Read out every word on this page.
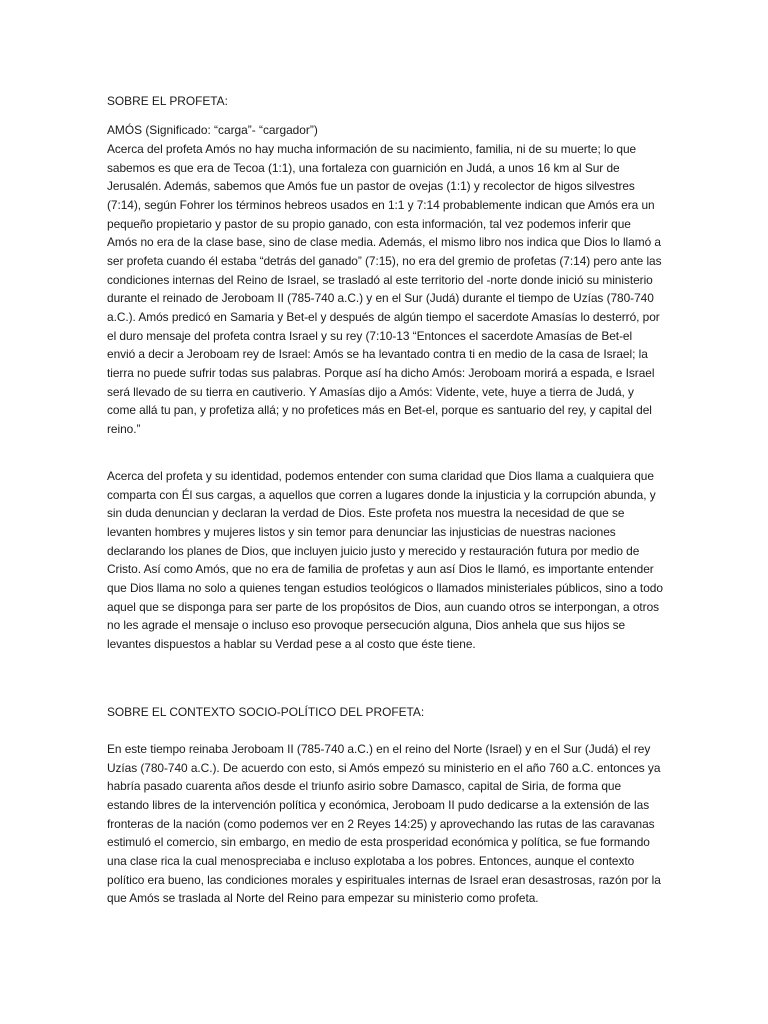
SOBRE EL PROFETA:
AMÓS (Significado: “carga”- “cargador”)

Acerca del profeta Amós no hay mucha información de su nacimiento, familia, ni de su muerte; lo que sabemos es que era de Tecoa (1:1), una fortaleza con guarnición en Judá, a unos 16 km al Sur de Jerusalén. Además, sabemos que Amós fue un pastor de ovejas (1:1) y recolector de higos silvestres (7:14), según Fohrer los términos hebreos usados en 1:1 y 7:14 probablemente indican que Amós era un pequeño propietario y pastor de su propio ganado, con esta información, tal vez podemos inferir que Amós no era de la clase base, sino de clase media. Además, el mismo libro nos indica que Dios lo llamó a ser profeta cuando él estaba “detrás del ganado” (7:15), no era del gremio de profetas (7:14) pero ante las condiciones internas del Reino de Israel, se trasladó al este territorio del -norte donde inició su ministerio durante el reinado de Jeroboam II (785-740 a.C.) y en el Sur (Judá) durante el tiempo de Uzías (780-740 a.C.). Amós predicó en Samaria y Bet-el y después de algún tiempo el sacerdote Amasías lo desterró, por el duro mensaje del profeta contra Israel y su rey (7:10-13 “Entonces el sacerdote Amasías de Bet-el envió a decir a Jeroboam rey de Israel: Amós se ha levantado contra ti en medio de la casa de Israel; la tierra no puede sufrir todas sus palabras. Porque así ha dicho Amós: Jeroboam morirá a espada, e Israel será llevado de su tierra en cautiverio. Y Amasías dijo a Amós: Vidente, vete, huye a tierra de Judá, y come allá tu pan, y profetiza allá; y no profetices más en Bet-el, porque es santuario del rey, y capital del reino.”

Acerca del profeta y su identidad, podemos entender con suma claridad que Dios llama a cualquiera que comparta con Él sus cargas, a aquellos que corren a lugares donde la injusticia y la corrupción abunda, y sin duda denuncian y declaran la verdad de Dios. Este profeta nos muestra la necesidad de que se levanten hombres y mujeres listos y sin temor para denunciar las injusticias de nuestras naciones declarando los planes de Dios, que incluyen juicio justo y merecido y restauración futura por medio de Cristo. Así como Amós, que no era de familia de profetas y aun así Dios le llamó, es importante entender que Dios llama no solo a quienes tengan estudios teológicos o llamados ministeriales públicos, sino a todo aquel que se disponga para ser parte de los propósitos de Dios, aun cuando otros se interpongan, a otros no les agrade el mensaje o incluso eso provoque persecución alguna, Dios anhela que sus hijos se levantes dispuestos a hablar su Verdad pese a al costo que éste tiene.

SOBRE EL CONTEXTO SOCIO-POLÍTICO DEL PROFETA:

En este tiempo reinaba Jeroboam II (785-740 a.C.) en el reino del Norte (Israel) y en el Sur (Judá) el rey Uzías (780-740 a.C.). De acuerdo con esto, si Amós empezó su ministerio en el año 760 a.C. entonces ya habría pasado cuarenta años desde el triunfo asirio sobre Damasco, capital de Siria, de forma que estando libres de la intervención política y económica, Jeroboam II pudo dedicarse a la extensión de las fronteras de la nación (como podemos ver en 2 Reyes 14:25) y aprovechando las rutas de las caravanas estimuló el comercio, sin embargo, en medio de esta prosperidad económica y política, se fue formando una clase rica la cual menospreciaba e incluso explotaba a los pobres. Entonces, aunque el contexto político era bueno, las condiciones morales y espirituales internas de Israel eran desastrosas, razón por la que Amós se traslada al Norte del Reino para empezar su ministerio como profeta.
